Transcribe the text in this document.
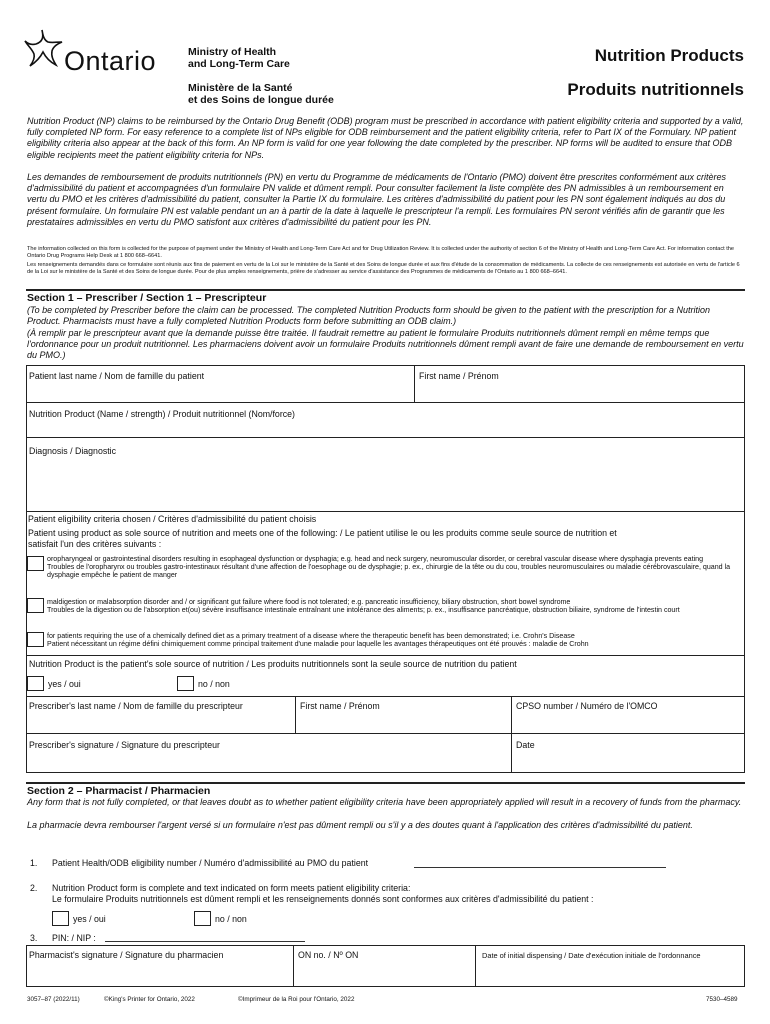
Ontario	Ministry of Health
and Long-Term Care
Ministère de la Santé
et des Soins de longue durée
Nutrition Products
Produits nutritionnels
Nutrition Product (NP) claims to be reimbursed by the Ontario Drug Benefit (ODB) program must be prescribed in accordance with patient eligibility criteria and supported by a valid, fully completed NP form. For easy reference to a complete list of NPs eligible for ODB reimbursement and the patient eligibility criteria, refer to Part IX of the Formulary. NP patient eligibility criteria also appear at the back of this form. An NP form is valid for one year following the date completed by the prescriber. NP forms will be audited to ensure that ODB eligible recipients meet the patient eligibility criteria for NPs.
Les demandes de remboursement de produits nutritionnels (PN) en vertu du Programme de médicaments de l'Ontario (PMO) doivent être prescrites conformément aux critères d'admissibilité du patient et accompagnées d'un formulaire PN valide et dûment rempli. Pour consulter facilement la liste complète des PN admissibles à un remboursement en vertu du PMO et les critères d'admissibilité du patient, consulter la Partie IX du formulaire. Les critères d'admissibilité du patient pour les PN sont également indiqués au dos du présent formulaire. Un formulaire PN est valable pendant un an à partir de la date à laquelle le prescripteur l'a rempli. Les formulaires PN seront vérifiés afin de garantir que les prestataires admissibles en vertu du PMO satisfont aux critères d'admissibilité du patient pour les PN.
The information collected on this form is collected for the purpose of payment under the Ministry of Health and Long-Term Care Act and for Drug Utilization Review. It is collected under the authority of section 6 of the Ministry of Health and Long-Term Care Act. For information contact the Ontario Drug Programs Help Desk at 1 800 668–6641.
Les renseignements demandés dans ce formulaire sont réunis aux fins de paiement en vertu de la Loi sur le ministère de la Santé et des Soins de longue durée et aux fins d'étude de la consommation de médicaments. La collecte de ces renseignements est autorisée en vertu de l'article 6 de la Loi sur le ministère de la Santé et des Soins de longue durée. Pour de plus amples renseignements, prière de s'adresser au service d'assistance des Programmes de médicaments de l'Ontario au 1 800 668–6641.
Section 1 – Prescriber / Section 1 – Prescripteur
(To be completed by Prescriber before the claim can be processed. The completed Nutrition Products form should be given to the patient with the prescription for a Nutrition Product. Pharmacists must have a fully completed Nutrition Products form before submitting an ODB claim.)
(À remplir par le prescripteur avant que la demande puisse être traitée. Il faudrait remettre au patient le formulaire Produits nutritionnels dûment rempli en même temps que l'ordonnance pour un produit nutritionnel. Les pharmaciens doivent avoir un formulaire Produits nutritionnels dûment rempli avant de faire une demande de remboursement en vertu du PMO.)
Patient last name / Nom de famille du patient	First name / Prénom
Nutrition Product (Name / strength) / Produit nutritionnel (Nom/force)
Diagnosis / Diagnostic
Patient eligibility criteria chosen / Critères d'admissibilité du patient choisis
Patient using product as sole source of nutrition and meets one of the following: / Le patient utilise le ou les produits comme seule source de nutrition et
satisfait l'un des critères suivants :
oropharyngeal or gastrointestinal disorders resulting in esophageal dysfunction or dysphagia; e.g. head and neck surgery, neuromuscular disorder, or cerebral vascular disease where dysphagia prevents eating
Troubles de l'oropharynx ou troubles gastro-intestinaux résultant d'une affection de l'oesophage ou de dysphagie; p. ex., chirurgie de la tête ou du cou, troubles neuromusculaires ou maladie cérébrovasculaire, quand la dysphagie empêche le patient de manger
maldigestion or malabsorption disorder and / or significant gut failure where food is not tolerated; e.g. pancreatic insufficiency, biliary obstruction, short bowel syndrome
Troubles de la digestion ou de l'absorption et(ou) sévère insuffisance intestinale entraînant une intolérance des aliments; p. ex., insuffisance pancréatique, obstruction biliaire, syndrome de l'intestin court
for patients requiring the use of a chemically defined diet as a primary treatment of a disease where the therapeutic benefit has been demonstrated; i.e. Crohn's Disease
Patient nécessitant un régime défini chimiquement comme principal traitement d'une maladie pour laquelle les avantages thérapeutiques ont été prouvés : maladie de Crohn
Nutrition Product is the patient's sole source of nutrition / Les produits nutritionnels sont la seule source de nutrition du patient
yes / oui	no / non
Prescriber's last name / Nom de famille du prescripteur	First name / Prénom	CPSO number / Numéro de l'OMCO
Prescriber's signature / Signature du prescripteur	Date
Section 2 – Pharmacist / Pharmacien
Any form that is not fully completed, or that leaves doubt as to whether patient eligibility criteria have been appropriately applied will result in a recovery of funds from the pharmacy.
La pharmacie devra rembourser l'argent versé si un formulaire n'est pas dûment rempli ou s'il y a des doutes quant à l'application des critères d'admissibilité du patient.
1. Patient Health/ODB eligibility number / Numéro d'admissibilité au PMO du patient
2. Nutrition Product form is complete and text indicated on form meets patient eligibility criteria:
Le formulaire Produits nutritionnels est dûment rempli et les renseignements donnés sont conformes aux critères d'admissibilité du patient :
yes / oui	no / non
3. PIN: / NIP :
Pharmacist's signature / Signature du pharmacien	ON no. / Nº ON	Date of initial dispensing / Date d'exécution initiale de l'ordonnance
3057–87 (2022/11)	©King's Printer for Ontario, 2022	©Imprimeur de la Roi pour l'Ontario, 2022	7530–4589
